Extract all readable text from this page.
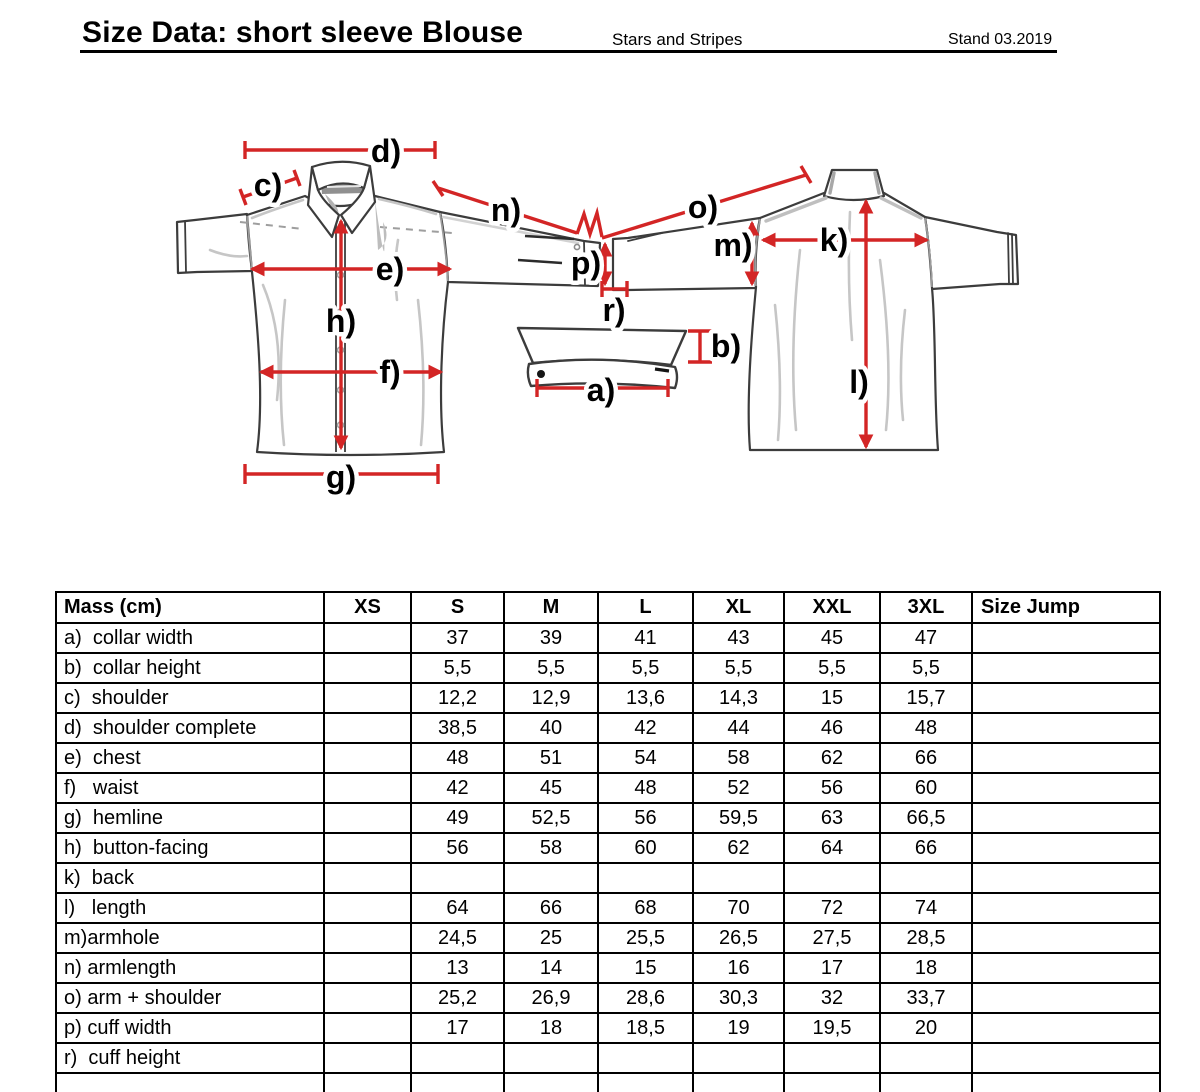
Size Data: short sleeve Blouse	Stars and Stripes	Stand 03.2019
d)
c)
n)	o)
e)
h)
f)
g)
p)
r)
m) k)
l)
b)
a)
Mass (cm)	XS	S	M	L	XL	XXL	3XL	Size Jump
a)  collar width		37	39	41	43	45	47	
b)  collar height		5,5	5,5	5,5	5,5	5,5	5,5	
c)  shoulder		12,2	12,9	13,6	14,3	15	15,7	
d)  shoulder complete		38,5	40	42	44	46	48	
e)  chest		48	51	54	58	62	66	
f)   waist		42	45	48	52	56	60	
g)  hemline		49	52,5	56	59,5	63	66,5	
h)  button-facing		56	58	60	62	64	66	
k)  back								
l)   length		64	66	68	70	72	74	
m)armhole		24,5	25	25,5	26,5	27,5	28,5	
n) armlength		13	14	15	16	17	18	
o) arm + shoulder		25,2	26,9	28,6	30,3	32	33,7	
p) cuff width		17	18	18,5	19	19,5	20	
r)  cuff height								
